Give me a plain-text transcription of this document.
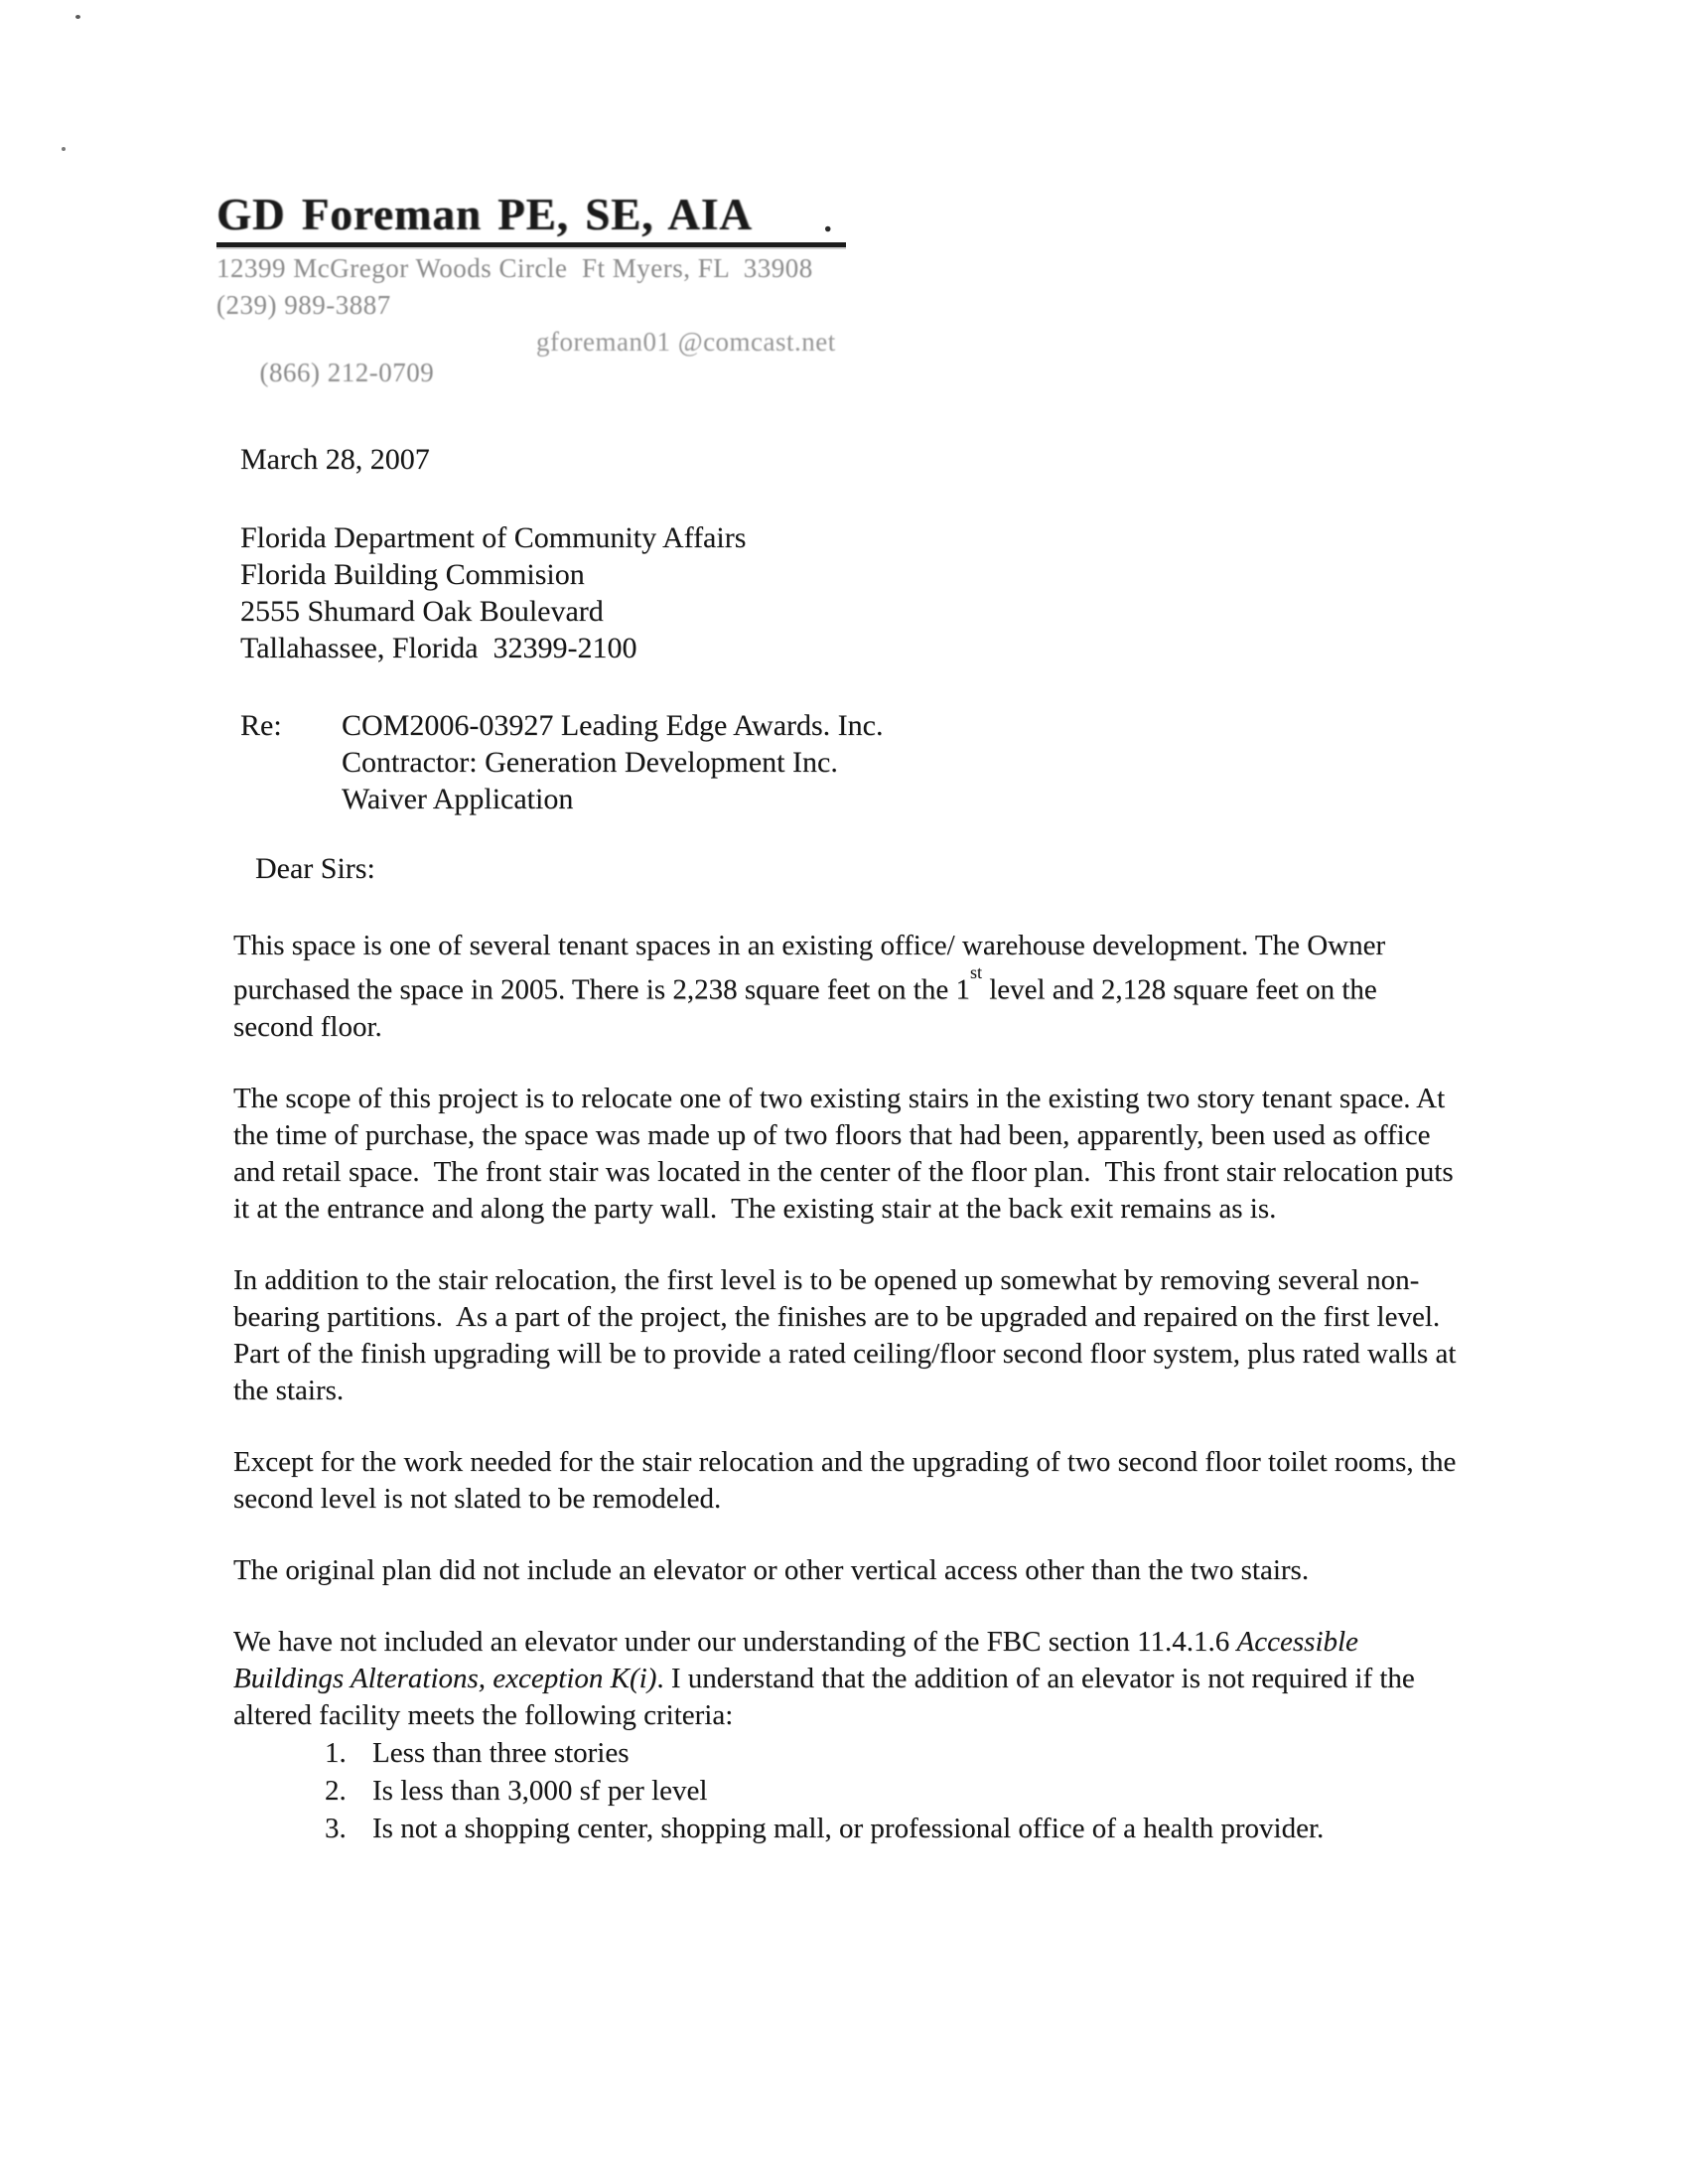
GD Foreman PE, SE, AIA .
12399 McGregor Woods Circle  Ft Myers, FL  33908
(239) 989-3887

(866) 212-0709

gforeman01 @comcast.net

March 28, 2007
Florida Department of Community Affairs
Florida Building Commision
2555 Shumard Oak Boulevard
Tallahassee, Florida  32399-2100
Re:	COM2006-03927 Leading Edge Awards. Inc.
Contractor: Generation Development Inc.
Waiver Application
Dear Sirs:

This space is one of several tenant spaces in an existing office/ warehouse development. The Owner purchased the space in 2005. There is 2,238 square feet on the 1st level and 2,128 square feet on the second floor.

The scope of this project is to relocate one of two existing stairs in the existing two story tenant space. At the time of purchase, the space was made up of two floors that had been, apparently, been used as office and retail space.  The front stair was located in the center of the floor plan.  This front stair relocation puts it at the entrance and along the party wall.  The existing stair at the back exit remains as is.

In addition to the stair relocation, the first level is to be opened up somewhat by removing several non-bearing partitions.  As a part of the project, the finishes are to be upgraded and repaired on the first level.  Part of the finish upgrading will be to provide a rated ceiling/floor second floor system, plus rated walls at the stairs.

Except for the work needed for the stair relocation and the upgrading of two second floor toilet rooms, the second level is not slated to be remodeled.

The original plan did not include an elevator or other vertical access other than the two stairs.

We have not included an elevator under our understanding of the FBC section 11.4.1.6 Accessible Buildings Alterations, exception K(i). I understand that the addition of an elevator is not required if the altered facility meets the following criteria:

1. Less than three stories
2. Is less than 3,000 sf per level
3. Is not a shopping center, shopping mall, or professional office of a health provider.
